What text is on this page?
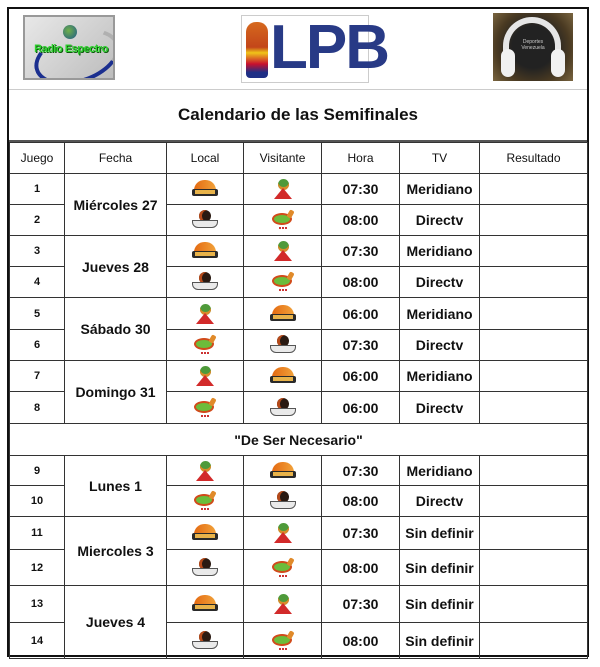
Radio Espectro	LPB	Deportes Venezuela
Calendario de las Semifinales
Juego	Fecha	Local	Visitante	Hora	TV	Resultado
1	Miércoles 27			07:30	Meridiano	
2				08:00	Directv	
3	Jueves 28			07:30	Meridiano	
4				08:00	Directv	
5	Sábado 30			06:00	Meridiano	
6				07:30	Directv	
7	Domingo 31			06:00	Meridiano	
8				06:00	Directv	
"De Ser Necesario"						
9	Lunes 1			07:30	Meridiano	
10				08:00	Directv	
11	Miercoles 3			07:30	Sin definir	
12				08:00	Sin definir	
13	Jueves 4			07:30	Sin definir	
14				08:00	Sin definir	
